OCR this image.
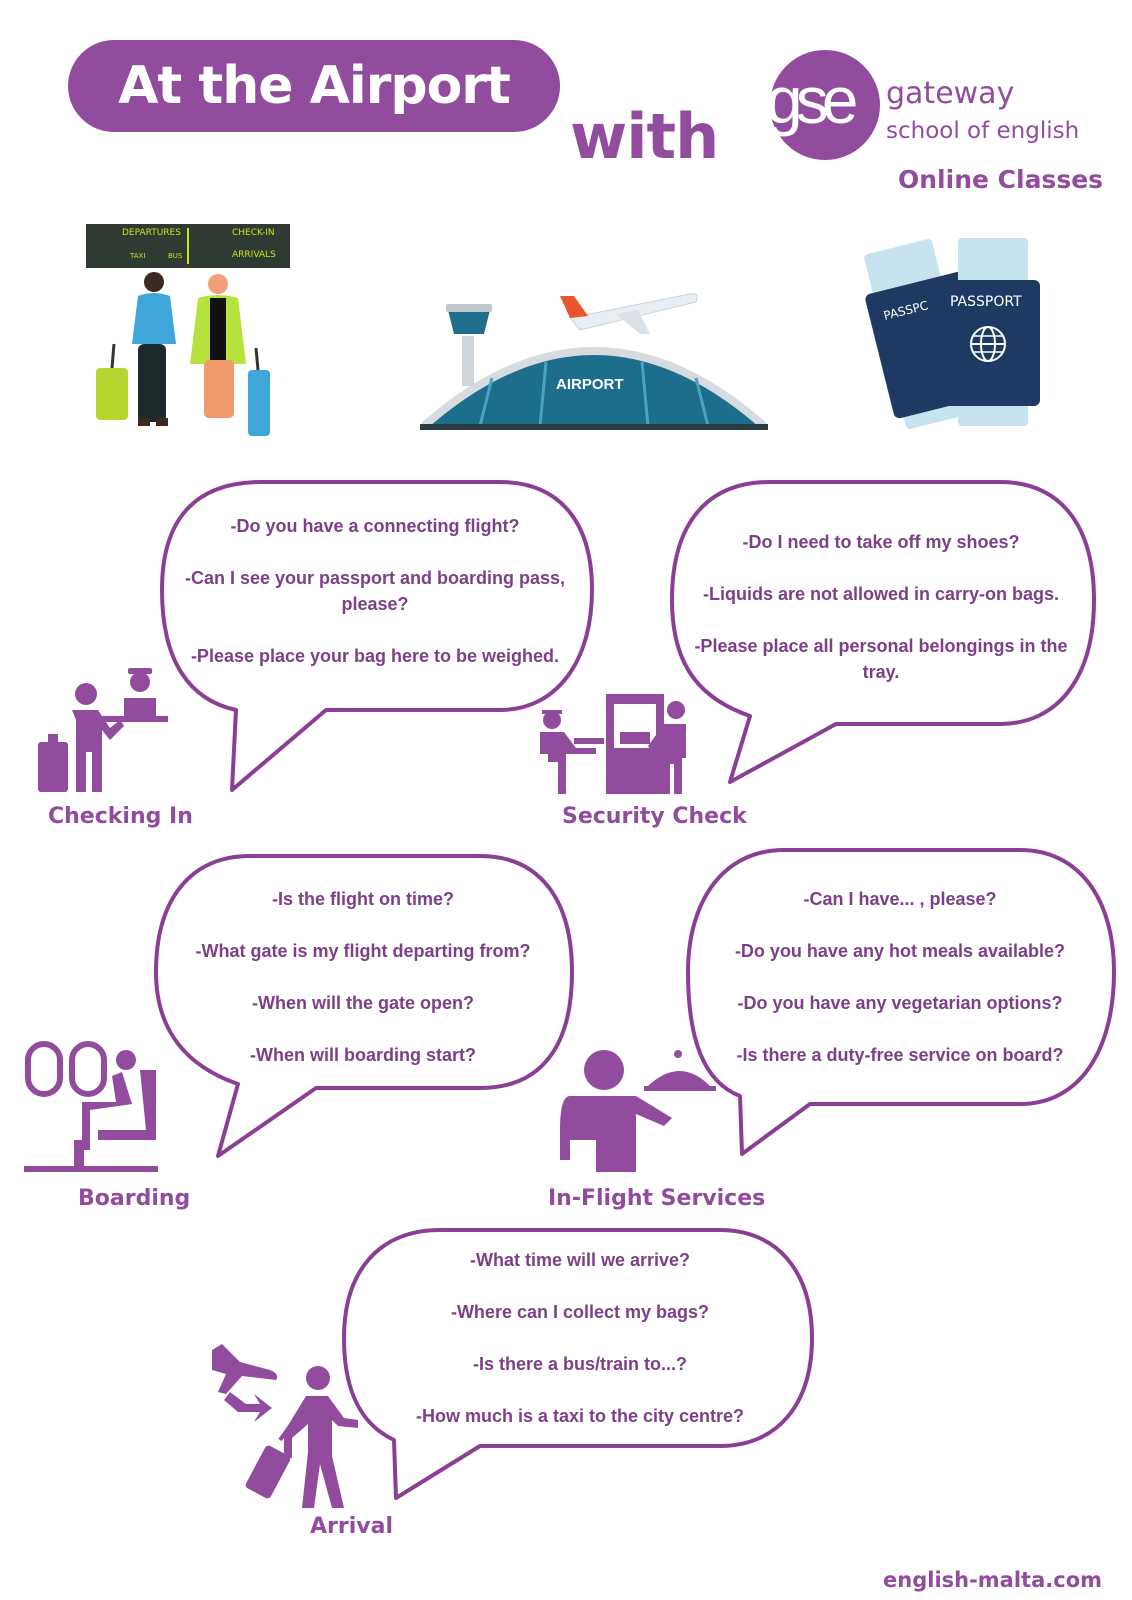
At the Airport
with gse	gateway
school of english
Online Classes
DEPARTURES	CHECK-IN
TAXI	BUS	ARRIVALS
AIRPORT
PASSPC PASSPORT
-Do you have a connecting flight?
-Can I see your passport and boarding pass, please?
-Please place your bag here to be weighed.
-Do I need to take off my shoes?
-Liquids are not allowed in carry-on bags.
-Please place all personal belongings in the tray.
-Is the flight on time?
-What gate is my flight departing from?
-When will the gate open?
-When will boarding start?
-Can I have... , please?
-Do you have any hot meals available?
-Do you have any vegetarian options?
-Is there a duty-free service on board?
-What time will we arrive?
-Where can I collect my bags?
-Is there a bus/train to...?
-How much is a taxi to the city centre?
Checking In	Security Check
Boarding	In-Flight Services
Arrival
english-malta.com
